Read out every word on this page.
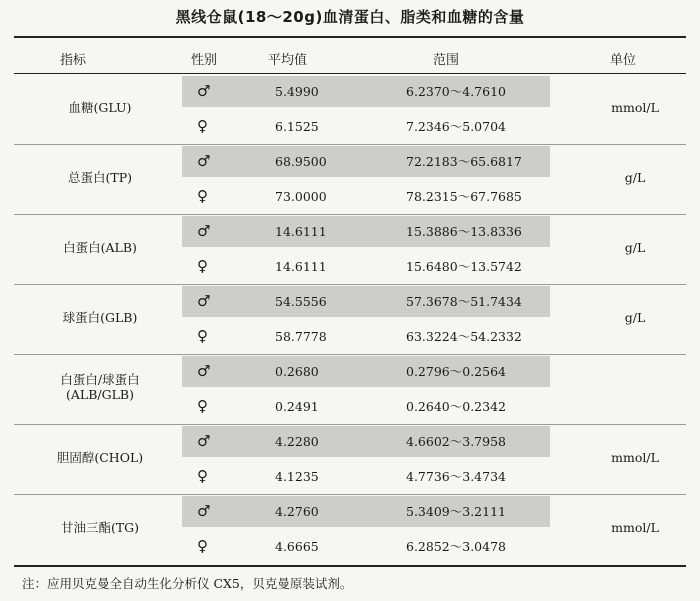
黑线仓鼠(18～20g)血清蛋白、脂类和血糖的含量
指标	性别	平均值	范围	单位
血糖(GLU)	mmol/L
♂	5.4990	6.2370～4.7610
♀	6.1525	7.2346～5.0704
总蛋白(TP)	g/L
♂	68.9500	72.2183～65.6817
♀	73.0000	78.2315～67.7685
白蛋白(ALB)	g/L
♂	14.6111	15.3886～13.8336
♀	14.6111	15.6480～13.5742
球蛋白(GLB)	g/L
♂	54.5556	57.3678～51.7434
♀	58.7778	63.3224～54.2332
白蛋白/球蛋白
(ALB/GLB)
♂	0.2680	0.2796～0.2564
♀	0.2491	0.2640～0.2342
胆固醇(CHOL)	mmol/L
♂	4.2280	4.6602～3.7958
♀	4.1235	4.7736～3.4734
甘油三酯(TG)	mmol/L
♂	4.2760	5.3409～3.2111
♀	4.6665	6.2852～3.0478
注：应用贝克曼全自动生化分析仪 CX5，贝克曼原装试剂。
